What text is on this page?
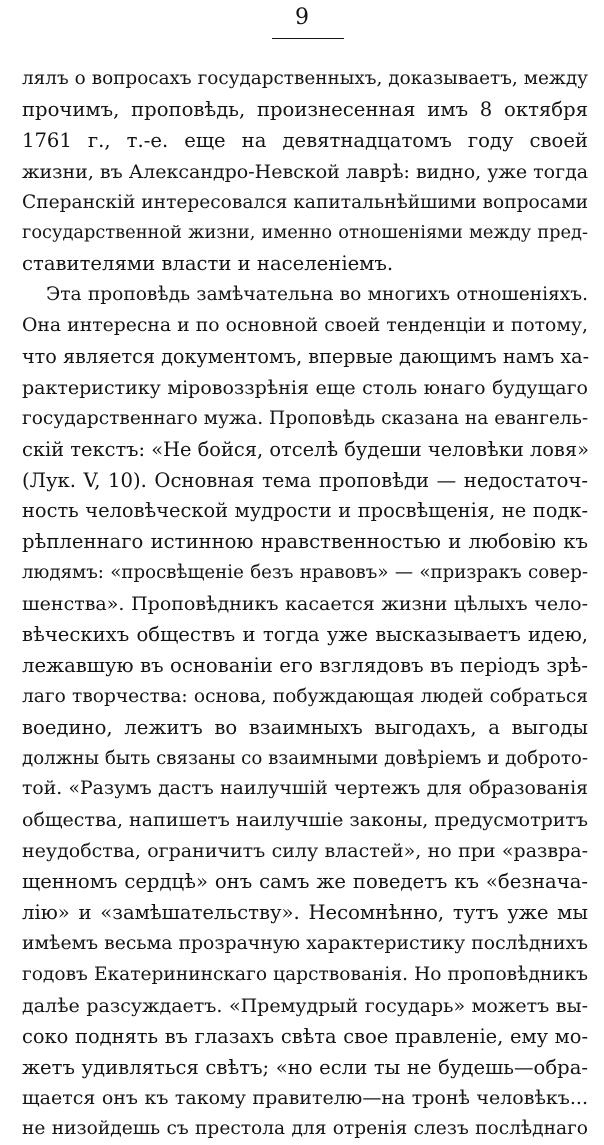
9
лялъ о вопросахъ государственныхъ, доказываетъ, между
прочимъ, проповѣдь, произнесенная имъ 8 октября
1761 г., т.-е. еще на девятнадцатомъ году своей
жизни, въ Александро-Невской лаврѣ: видно, уже тогда
Сперанскій интересовался капитальнѣйшими вопросами
государственной жизни, именно отношеніями между пред-
ставителями власти и населеніемъ.
Эта проповѣдь замѣчательна во многихъ отношеніяхъ.
Она интересна и по основной своей тенденціи и потому,
что является документомъ, впервые дающимъ намъ ха-
рактеристику міровоззрѣнія еще столь юнаго будущаго
государственнаго мужа. Проповѣдь сказана на евангель-
скій текстъ: «Не бойся, отселѣ будеши человѣки ловя»
(Лук. V, 10). Основная тема проповѣди — недостаточ-
ность человѣческой мудрости и просвѣщенія, не подк-
рѣпленнаго истинною нравственностью и любовію къ
людямъ: «просвѣщеніе безъ нравовъ» — «призракъ совер-
шенства». Проповѣдникъ касается жизни цѣлыхъ чело-
вѣческихъ обществъ и тогда уже высказываетъ идею,
лежавшую въ основаніи его взглядовъ въ періодъ зрѣ-
лаго творчества: основа, побуждающая людей собраться
воедино, лежитъ во взаимныхъ выгодахъ, а выгоды
должны быть связаны со взаимными довѣріемъ и доброто-
той. «Разумъ дастъ наилучшій чертежъ для образованія
общества, напишетъ наилучшіе законы, предусмотритъ
неудобства, ограничитъ силу властей», но при «развра-
щенномъ сердцѣ» онъ самъ же поведетъ къ «безнача-
лію» и «замѣшательству». Несомнѣнно, тутъ уже мы
имѣемъ весьма прозрачную характеристику послѣднихъ
годовъ Екатерининскаго царствованія. Но проповѣдникъ
далѣе разсуждаетъ. «Премудрый государь» можетъ вы-
соко поднять въ глазахъ свѣта свое правленіе, ему мо-
жетъ удивляться свѣтъ; «но если ты не будешь—обра-
щается онъ къ такому правителю—на тронѣ человѣкъ...
не низойдешь съ престола для отренія слезъ послѣднаго
